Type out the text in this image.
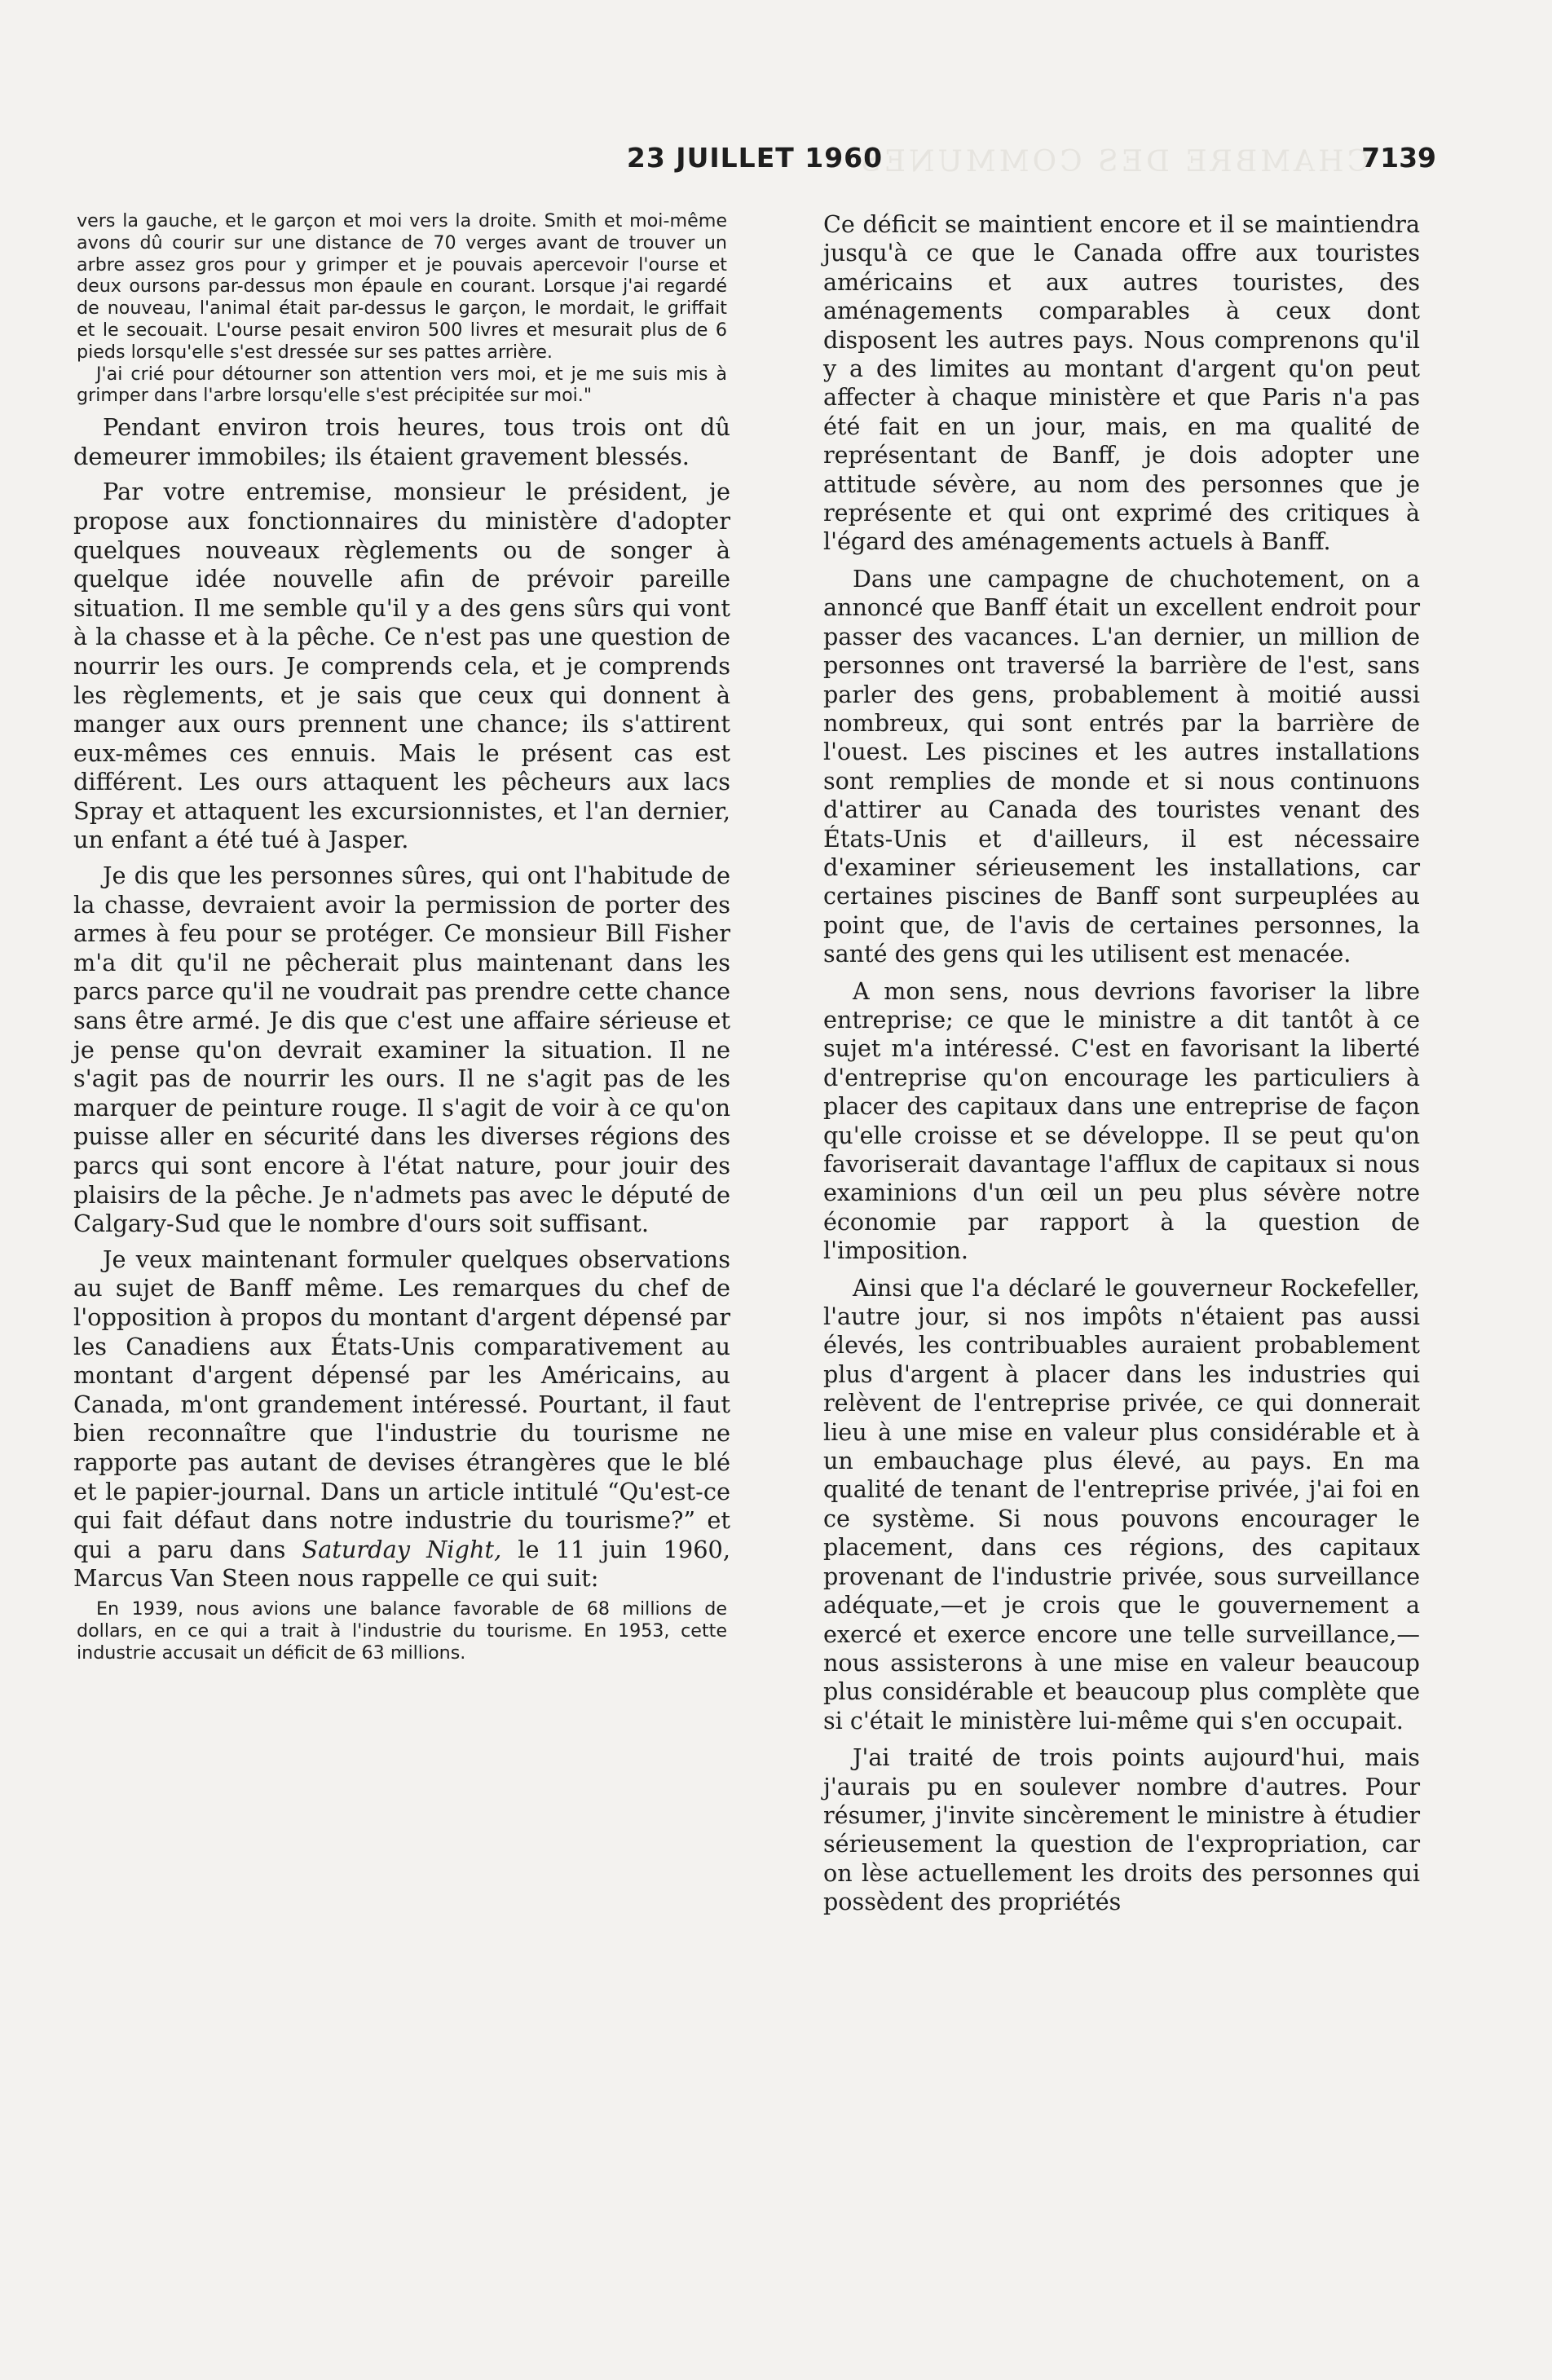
CHAMBRE DES COMMUNES
23 JUILLET 1960	7139

vers la gauche, et le garçon et moi vers la droite. Smith et moi-même avons dû courir sur une distance de 70 verges avant de trouver un arbre assez gros pour y grimper et je pouvais apercevoir l'ourse et deux oursons par-dessus mon épaule en courant. Lorsque j'ai regardé de nouveau, l'animal était par-dessus le garçon, le mordait, le griffait et le secouait. L'ourse pesait environ 500 livres et mesurait plus de 6 pieds lorsqu'elle s'est dressée sur ses pattes arrière.

J'ai crié pour détourner son attention vers moi, et je me suis mis à grimper dans l'arbre lorsqu'elle s'est précipitée sur moi."

Pendant environ trois heures, tous trois ont dû demeurer immobiles; ils étaient gravement blessés.

Par votre entremise, monsieur le président, je propose aux fonctionnaires du ministère d'adopter quelques nouveaux règlements ou de songer à quelque idée nouvelle afin de prévoir pareille situation. Il me semble qu'il y a des gens sûrs qui vont à la chasse et à la pêche. Ce n'est pas une question de nourrir les ours. Je comprends cela, et je comprends les règlements, et je sais que ceux qui donnent à manger aux ours prennent une chance; ils s'attirent eux-mêmes ces ennuis. Mais le présent cas est différent. Les ours attaquent les pêcheurs aux lacs Spray et attaquent les excursionnistes, et l'an dernier, un enfant a été tué à Jasper.

Je dis que les personnes sûres, qui ont l'habitude de la chasse, devraient avoir la permission de porter des armes à feu pour se protéger. Ce monsieur Bill Fisher m'a dit qu'il ne pêcherait plus maintenant dans les parcs parce qu'il ne voudrait pas prendre cette chance sans être armé. Je dis que c'est une affaire sérieuse et je pense qu'on devrait examiner la situation. Il ne s'agit pas de nourrir les ours. Il ne s'agit pas de les marquer de peinture rouge. Il s'agit de voir à ce qu'on puisse aller en sécurité dans les diverses régions des parcs qui sont encore à l'état nature, pour jouir des plaisirs de la pêche. Je n'admets pas avec le député de Calgary-Sud que le nombre d'ours soit suffisant.

Je veux maintenant formuler quelques observations au sujet de Banff même. Les remarques du chef de l'opposition à propos du montant d'argent dépensé par les Canadiens aux États-Unis comparativement au montant d'argent dépensé par les Américains, au Canada, m'ont grandement intéressé. Pourtant, il faut bien reconnaître que l'industrie du tourisme ne rapporte pas autant de devises étrangères que le blé et le papier-journal. Dans un article intitulé “Qu'est-ce qui fait défaut dans notre industrie du tourisme?” et qui a paru dans Saturday Night, le 11 juin 1960, Marcus Van Steen nous rappelle ce qui suit:

En 1939, nous avions une balance favorable de 68 millions de dollars, en ce qui a trait à l'industrie du tourisme. En 1953, cette industrie accusait un déficit de 63 millions.

Ce déficit se maintient encore et il se maintiendra jusqu'à ce que le Canada offre aux touristes américains et aux autres touristes, des aménagements comparables à ceux dont disposent les autres pays. Nous comprenons qu'il y a des limites au montant d'argent qu'on peut affecter à chaque ministère et que Paris n'a pas été fait en un jour, mais, en ma qualité de représentant de Banff, je dois adopter une attitude sévère, au nom des personnes que je représente et qui ont exprimé des critiques à l'égard des aménagements actuels à Banff.

Dans une campagne de chuchotement, on a annoncé que Banff était un excellent endroit pour passer des vacances. L'an dernier, un million de personnes ont traversé la barrière de l'est, sans parler des gens, probablement à moitié aussi nombreux, qui sont entrés par la barrière de l'ouest. Les piscines et les autres installations sont remplies de monde et si nous continuons d'attirer au Canada des touristes venant des États-Unis et d'ailleurs, il est nécessaire d'examiner sérieusement les installations, car certaines piscines de Banff sont surpeuplées au point que, de l'avis de certaines personnes, la santé des gens qui les utilisent est menacée.

A mon sens, nous devrions favoriser la libre entreprise; ce que le ministre a dit tantôt à ce sujet m'a intéressé. C'est en favorisant la liberté d'entreprise qu'on encourage les particuliers à placer des capitaux dans une entreprise de façon qu'elle croisse et se développe. Il se peut qu'on favoriserait davantage l'afflux de capitaux si nous examinions d'un œil un peu plus sévère notre économie par rapport à la question de l'imposition.

Ainsi que l'a déclaré le gouverneur Rockefeller, l'autre jour, si nos impôts n'étaient pas aussi élevés, les contribuables auraient probablement plus d'argent à placer dans les industries qui relèvent de l'entreprise privée, ce qui donnerait lieu à une mise en valeur plus considérable et à un embauchage plus élevé, au pays. En ma qualité de tenant de l'entreprise privée, j'ai foi en ce système. Si nous pouvons encourager le placement, dans ces régions, des capitaux provenant de l'industrie privée, sous surveillance adéquate,—et je crois que le gouvernement a exercé et exerce encore une telle surveillance,—nous assisterons à une mise en valeur beaucoup plus considérable et beaucoup plus complète que si c'était le ministère lui-même qui s'en occupait.

J'ai traité de trois points aujourd'hui, mais j'aurais pu en soulever nombre d'autres. Pour résumer, j'invite sincèrement le ministre à étudier sérieusement la question de l'expropriation, car on lèse actuellement les droits des personnes qui possèdent des propriétés
